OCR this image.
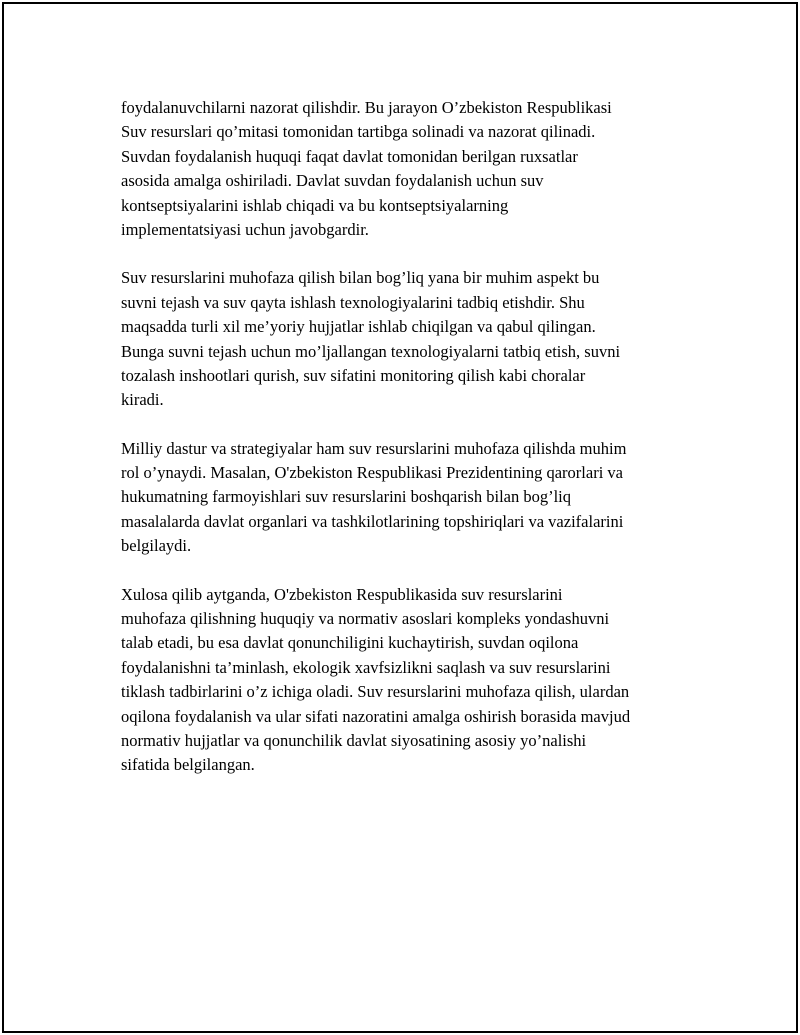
foydalanuvchilarni nazorat qilishdir. Bu jarayon O’zbekiston Respublikasi
Suv resurslari qo’mitasi tomonidan tartibga solinadi va nazorat qilinadi.
Suvdan foydalanish huquqi faqat davlat tomonidan berilgan ruxsatlar
asosida amalga oshiriladi. Davlat suvdan foydalanish uchun suv
kontseptsiyalarini ishlab chiqadi va bu kontseptsiyalarning
implementatsiyasi uchun javobgardir.

Suv resurslarini muhofaza qilish bilan bog’liq yana bir muhim aspekt bu
suvni tejash va suv qayta ishlash texnologiyalarini tadbiq etishdir. Shu
maqsadda turli xil me’yoriy hujjatlar ishlab chiqilgan va qabul qilingan.
Bunga suvni tejash uchun mo’ljallangan texnologiyalarni tatbiq etish, suvni
tozalash inshootlari qurish, suv sifatini monitoring qilish kabi choralar
kiradi.

Milliy dastur va strategiyalar ham suv resurslarini muhofaza qilishda muhim
rol o’ynaydi. Masalan, O'zbekiston Respublikasi Prezidentining qarorlari va
hukumatning farmoyishlari suv resurslarini boshqarish bilan bog’liq
masalalarda davlat organlari va tashkilotlarining topshiriqlari va vazifalarini
belgilaydi.

Xulosa qilib aytganda, O'zbekiston Respublikasida suv resurslarini
muhofaza qilishning huquqiy va normativ asoslari kompleks yondashuvni
talab etadi, bu esa davlat qonunchiligini kuchaytirish, suvdan oqilona
foydalanishni ta’minlash, ekologik xavfsizlikni saqlash va suv resurslarini
tiklash tadbirlarini o’z ichiga oladi. Suv resurslarini muhofaza qilish, ulardan
oqilona foydalanish va ular sifati nazoratini amalga oshirish borasida mavjud
normativ hujjatlar va qonunchilik davlat siyosatining asosiy yo’nalishi
sifatida belgilangan.
